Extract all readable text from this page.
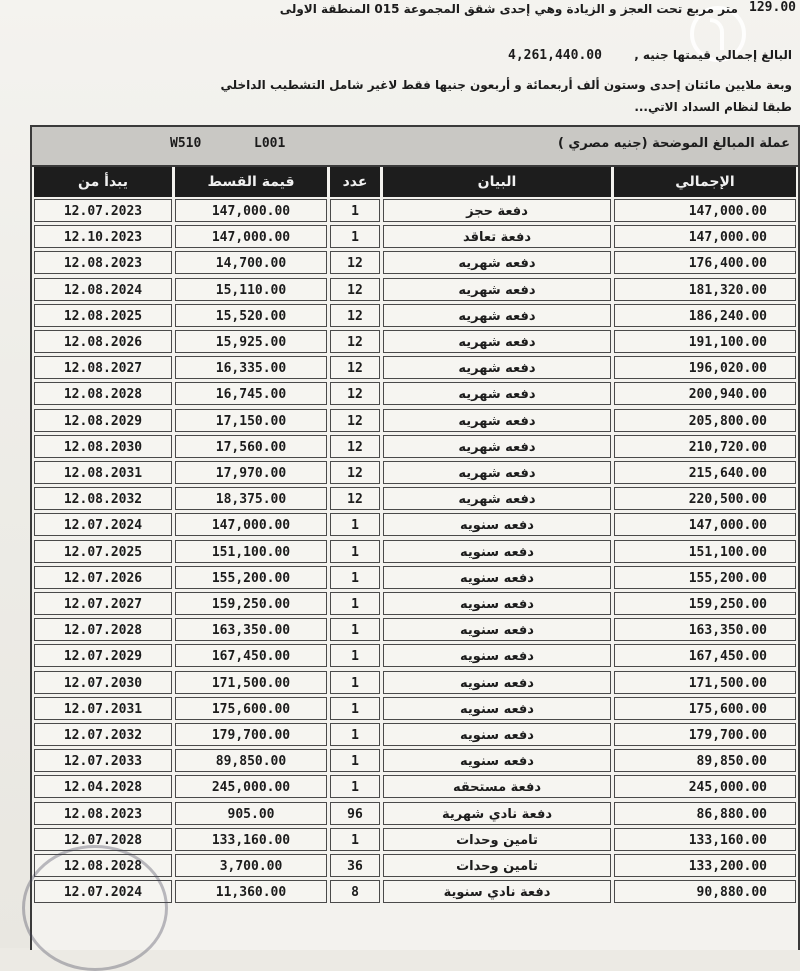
129.00
متر مربع تحت العجز و الزيادة وهي إحدى شقق المجموعة 015 المنطقة الاولى
البالغ إجمالي قيمتها جنيه ,
4,261,440.00
وبعة ملايين مائتان إحدى وستون ألف أربعمائة و أربعون جنيها فقط لاغير شامل التشطيب الداخلي
طبقا لنظام السداد الاتي...
W510	L001	عملة المبالغ الموضحة (جنيه مصري )
يبدأ من	قيمة القسط	عدد	البيان	الإجمالي
12.07.2023	147,000.00	1	دفعة حجز	147,000.00
12.10.2023	147,000.00	1	دفعة تعاقد	147,000.00
12.08.2023	14,700.00	12	دفعه شهريه	176,400.00
12.08.2024	15,110.00	12	دفعه شهريه	181,320.00
12.08.2025	15,520.00	12	دفعه شهريه	186,240.00
12.08.2026	15,925.00	12	دفعه شهريه	191,100.00
12.08.2027	16,335.00	12	دفعه شهريه	196,020.00
12.08.2028	16,745.00	12	دفعه شهريه	200,940.00
12.08.2029	17,150.00	12	دفعه شهريه	205,800.00
12.08.2030	17,560.00	12	دفعه شهريه	210,720.00
12.08.2031	17,970.00	12	دفعه شهريه	215,640.00
12.08.2032	18,375.00	12	دفعه شهريه	220,500.00
12.07.2024	147,000.00	1	دفعه سنويه	147,000.00
12.07.2025	151,100.00	1	دفعه سنويه	151,100.00
12.07.2026	155,200.00	1	دفعه سنويه	155,200.00
12.07.2027	159,250.00	1	دفعه سنويه	159,250.00
12.07.2028	163,350.00	1	دفعه سنويه	163,350.00
12.07.2029	167,450.00	1	دفعه سنويه	167,450.00
12.07.2030	171,500.00	1	دفعه سنويه	171,500.00
12.07.2031	175,600.00	1	دفعه سنويه	175,600.00
12.07.2032	179,700.00	1	دفعه سنويه	179,700.00
12.07.2033	89,850.00	1	دفعه سنويه	89,850.00
12.04.2028	245,000.00	1	دفعة مستحقه	245,000.00
12.08.2023	905.00	96	دفعة نادي شهرية	86,880.00
12.07.2028	133,160.00	1	تامين وحدات	133,160.00
12.08.2028	3,700.00	36	تامين وحدات	133,200.00
12.07.2024	11,360.00	8	دفعة نادي سنوية	90,880.00
